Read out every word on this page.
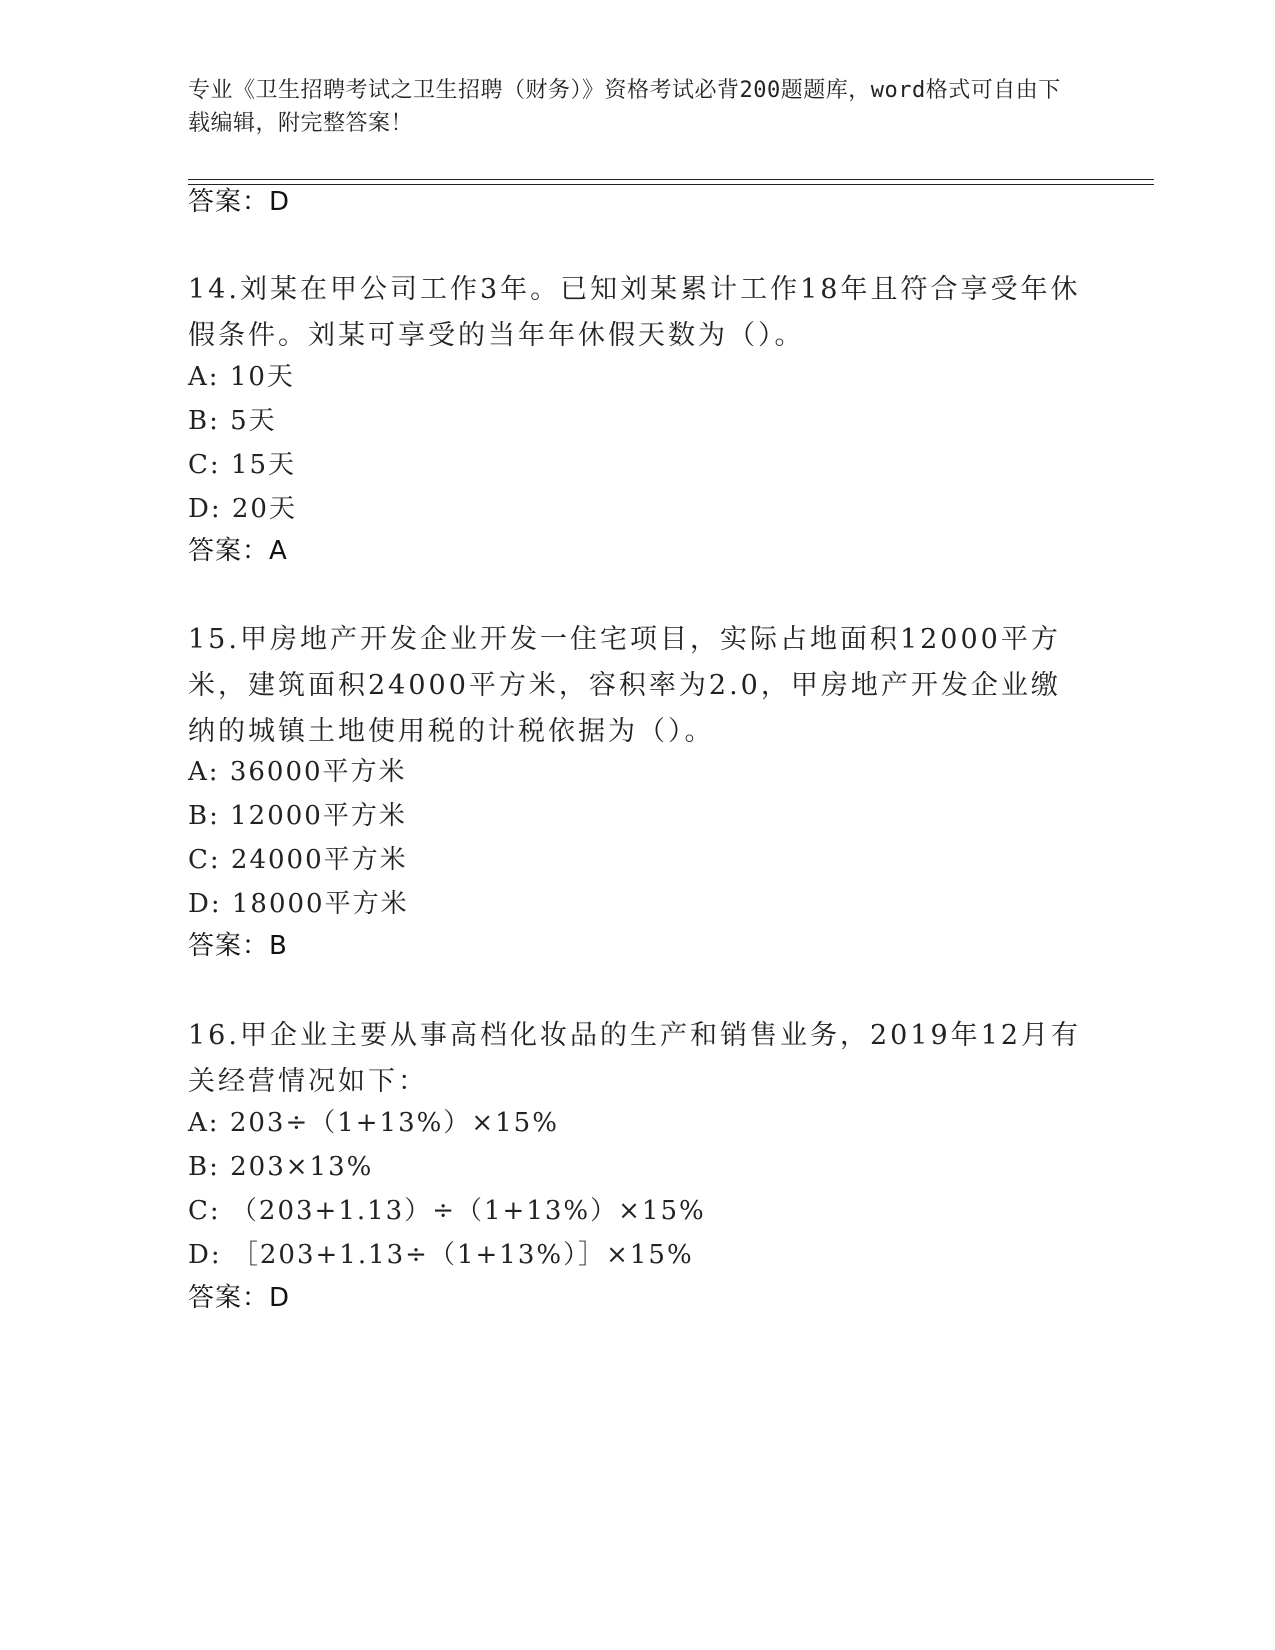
专业《卫生招聘考试之卫生招聘（财务）》资格考试必背200题题库，word格式可自由下载编辑，附完整答案！
答案：D
14.刘某在甲公司工作3年。已知刘某累计工作18年且符合享受年休假条件。刘某可享受的当年年休假天数为（）。
A: 10天
B: 5天
C: 15天
D: 20天
答案：A
15.甲房地产开发企业开发一住宅项目，实际占地面积12000平方米，建筑面积24000平方米，容积率为2.0，甲房地产开发企业缴纳的城镇土地使用税的计税依据为（）。
A: 36000平方米
B: 12000平方米
C: 24000平方米
D: 18000平方米
答案：B
16.甲企业主要从事高档化妆品的生产和销售业务，2019年12月有关经营情况如下：
A: 203÷（1+13%）×15%
B: 203×13%
C: （203+1.13）÷（1+13%）×15%
D: ［203+1.13÷（1+13%）］×15%
答案：D
